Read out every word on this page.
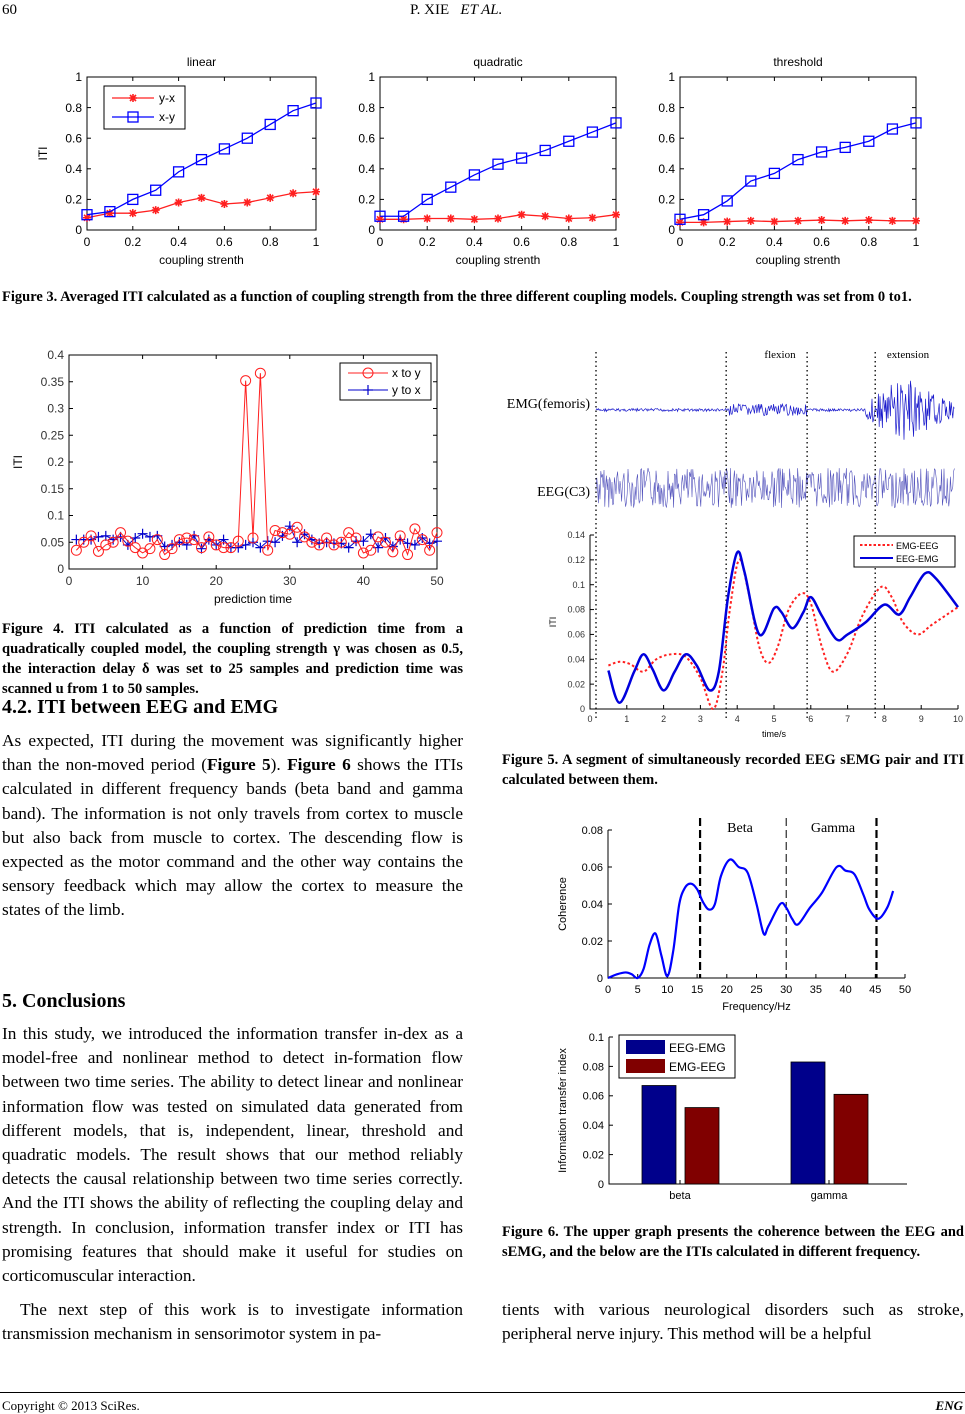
60	P. XIE ET AL.
0
0.2
0.4
0.6
0.8
1
0	0.2 0.4 0.6 0.8	1
linear
coupling strenth
ITI
y-x
x-y
0
0.2
0.4
0.6
0.8
1
0	0.2	0.4	0.6	0.8	1
quadratic
coupling strenth
0
0.2
0.4
0.6
0.8
1
0	0.2	0.4	0.6	0.8	1
threshold
coupling strenth
0
0.05
0.1
0.15
0.2
0.25
0.3
0.35
0.4
0	10	20	30	40	50
prediction time
ITI
x to y
y to x
EMG(femoris)
EEG(C3)
flexion	extension
0
0.02
0.04
0.06
0.08
0.1
0.12
0.14
0	1	2	3	4	5	6	7	8	9	10
time/s
ITI
EMG-EEG
EEG-EMG
0
0.02
0.04
0.06
0.08
0 5 10 15 20 25 30 35 40 45 50
Frequency/Hz
Coherence
Beta	Gamma
0
0.02
0.04
0.06
0.08
0.1
Information transfer index
beta	gamma
EEG-EMG
EMG-EEG
Figure 3. Averaged ITI calculated as a function of coupling strength from the three different coupling models. Coupling strength was set from 0 to1.
Figure 4. ITI calculated as a function of prediction time from a quadratically coupled model, the coupling strength γ was chosen as 0.5, the interaction delay δ was set to 25 samples and prediction time was scanned u from 1 to 50 samples.
Figure 5. A segment of simultaneously recorded EEG sEMG pair and ITI calculated between them.
Figure 6. The upper graph presents the coherence between the EEG and sEMG, and the below are the ITIs calculated in different frequency.
4.2. ITI between EEG and EMG
As expected, ITI during the movement was significantly higher than the non-moved period (Figure 5). Figure 6 shows the ITIs calculated in different frequency bands (beta band and gamma band). The information is not only travels from cortex to muscle but also back from muscle to cortex. The descending flow is expected as the motor command and the other way contains the sensory feedback which may allow the cortex to measure the states of the limb.
5. Conclusions
In this study, we introduced the information transfer in-dex as a model-free and nonlinear method to detect in-formation flow between two time series. The ability to detect linear and nonlinear information flow was tested on simulated data generated from different models, that is, independent, linear, threshold and quadratic models. The result shows that our method reliably detects the causal relationship between two time series correctly. And the ITI shows the ability of reflecting the coupling delay and strength. In conclusion, information transfer index or ITI has promising features that should make it useful for studies on corticomuscular interaction.
The next step of this work is to investigate information transmission mechanism in sensorimotor system in pa-
tients with various neurological disorders such as stroke, peripheral nerve injury. This method will be a helpful
Copyright © 2013 SciRes.	ENG
